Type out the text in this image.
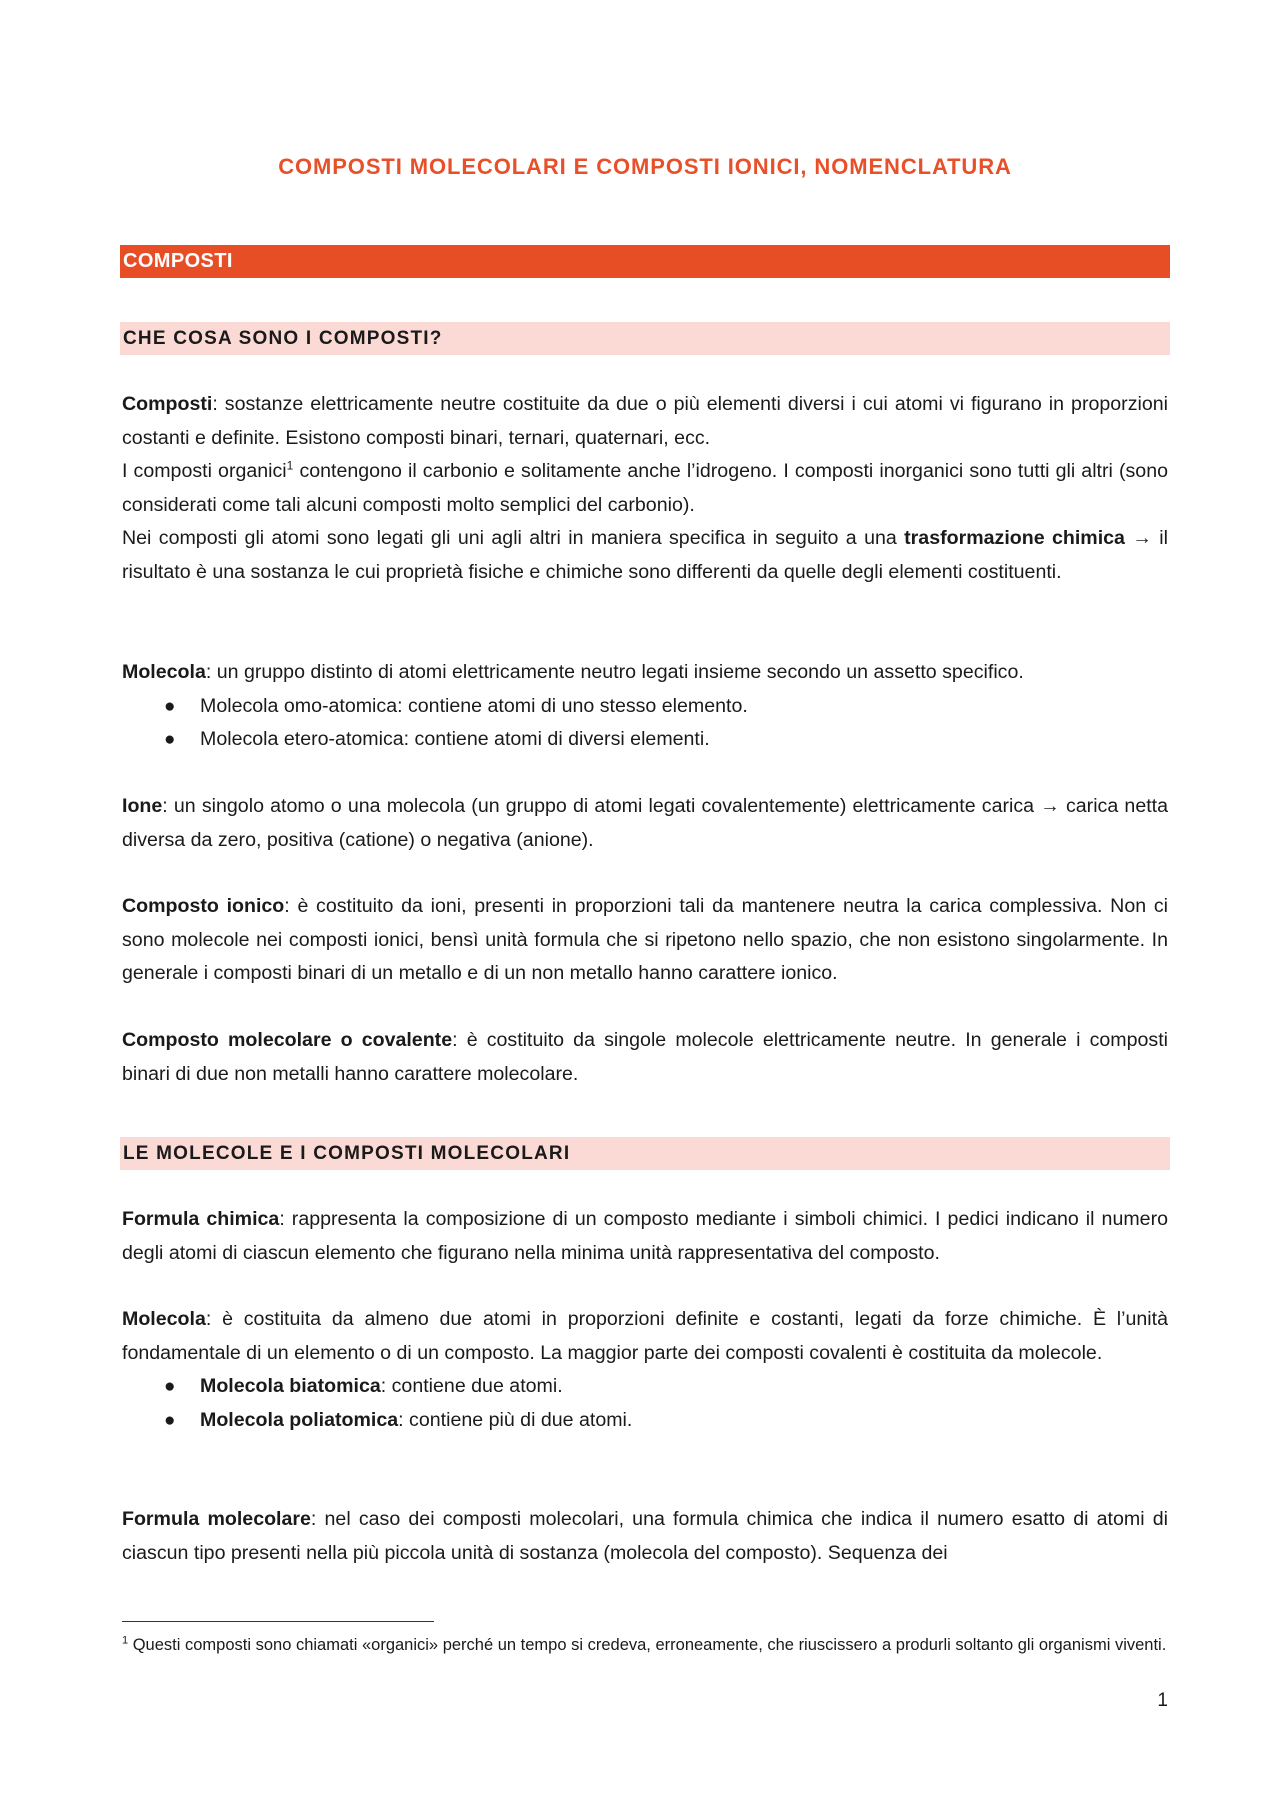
COMPOSTI MOLECOLARI E COMPOSTI IONICI, NOMENCLATURA
COMPOSTI
CHE COSA SONO I COMPOSTI?

Composti: sostanze elettricamente neutre costituite da due o più elementi diversi i cui atomi vi figurano in proporzioni costanti e definite. Esistono composti binari, ternari, quaternari, ecc.

I composti organici$^1$ contengono il carbonio e solitamente anche l’idrogeno. I composti inorganici sono tutti gli altri (sono considerati come tali alcuni composti molto semplici del carbonio).

Nei composti gli atomi sono legati gli uni agli altri in maniera specifica in seguito a una trasformazione chimica → il risultato è una sostanza le cui proprietà fisiche e chimiche sono differenti da quelle degli elementi costituenti.

Molecola: un gruppo distinto di atomi elettricamente neutro legati insieme secondo un assetto specifico.

● Molecola omo-atomica: contiene atomi di uno stesso elemento.
● Molecola etero-atomica: contiene atomi di diversi elementi.

Ione: un singolo atomo o una molecola (un gruppo di atomi legati covalentemente) elettricamente carica → carica netta diversa da zero, positiva (catione) o negativa (anione).

Composto ionico: è costituito da ioni, presenti in proporzioni tali da mantenere neutra la carica complessiva. Non ci sono molecole nei composti ionici, bensì unità formula che si ripetono nello spazio, che non esistono singolarmente. In generale i composti binari di un metallo e di un non metallo hanno carattere ionico.

Composto molecolare o covalente: è costituito da singole molecole elettricamente neutre. In generale i composti binari di due non metalli hanno carattere molecolare.

LE MOLECOLE E I COMPOSTI MOLECOLARI

Formula chimica: rappresenta la composizione di un composto mediante i simboli chimici. I pedici indicano il numero degli atomi di ciascun elemento che figurano nella minima unità rappresentativa del composto.

Molecola: è costituita da almeno due atomi in proporzioni definite e costanti, legati da forze chimiche. È l’unità fondamentale di un elemento o di un composto. La maggior parte dei composti covalenti è costituita da molecole.

● Molecola biatomica: contiene due atomi.
● Molecola poliatomica: contiene più di due atomi.

Formula molecolare: nel caso dei composti molecolari, una formula chimica che indica il numero esatto di atomi di ciascun tipo presenti nella più piccola unità di sostanza (molecola del composto). Sequenza dei

$^1$ Questi composti sono chiamati «organici» perché un tempo si credeva, erroneamente, che riuscissero a produrli soltanto gli organismi viventi.
1
